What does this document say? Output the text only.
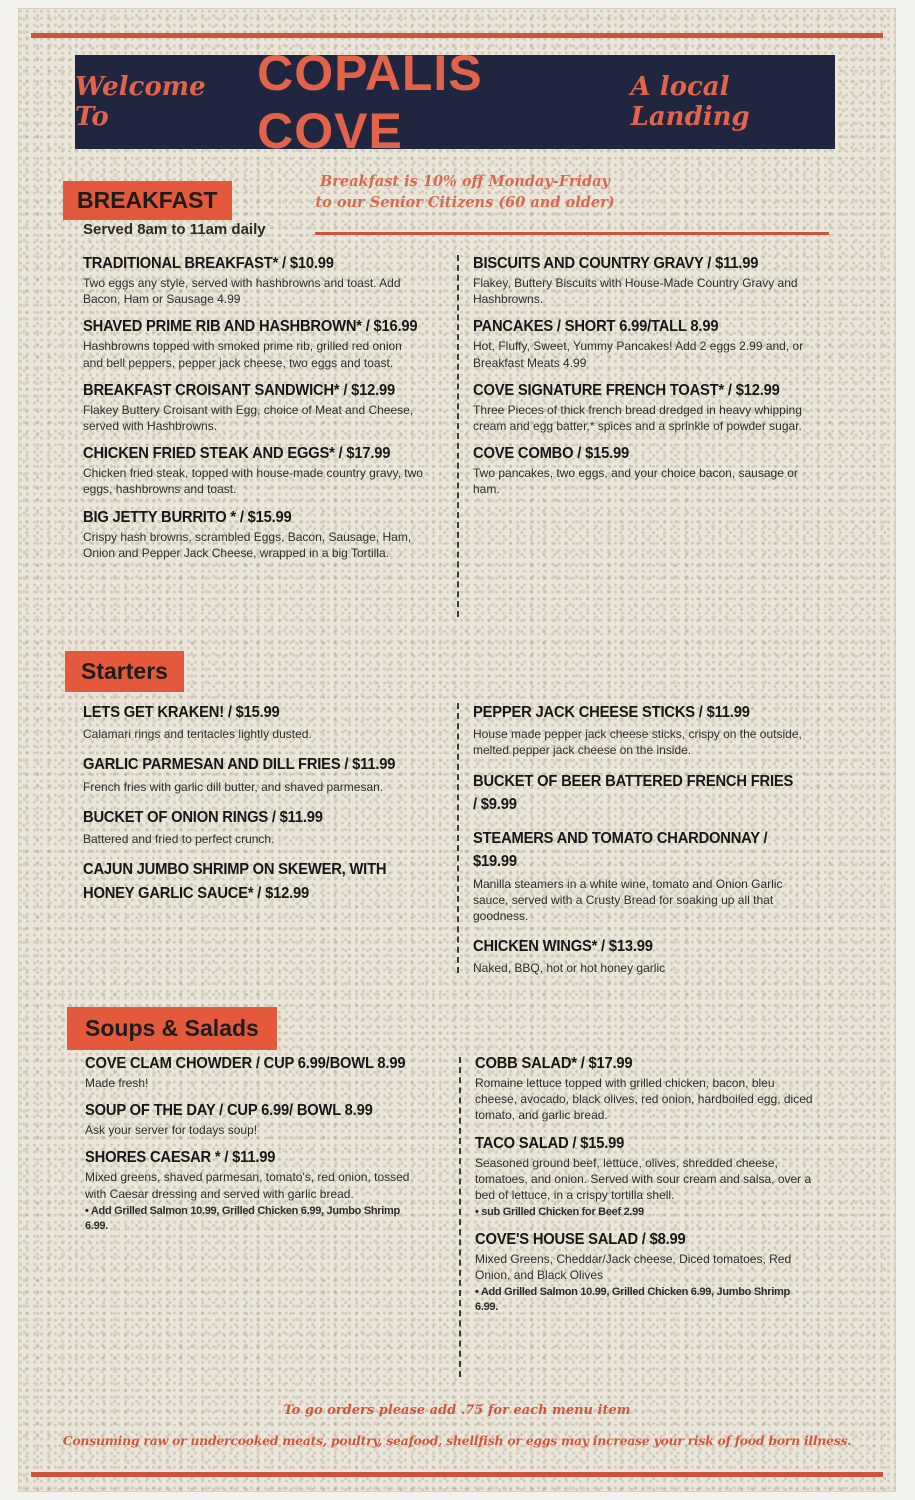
Welcome To
COPALIS COVE
A local Landing
BREAKFAST
Breakfast is 10% off Monday-Friday
to our Senior Citizens (60 and older)
Served 8am to 11am daily
TRADITIONAL BREAKFAST* / $10.99
Two eggs any style, served with hashbrowns and toast. Add Bacon, Ham or Sausage 4.99
SHAVED PRIME RIB AND HASHBROWN* / $16.99
Hashbrowns topped with smoked prime rib, grilled red onion and bell peppers, pepper jack cheese, two eggs and toast.
BREAKFAST CROISANT SANDWICH* / $12.99
Flakey Buttery Croisant with Egg, choice of Meat and Cheese, served with Hashbrowns.
CHICKEN FRIED STEAK AND EGGS* / $17.99
Chicken fried steak, topped with house-made country gravy, two eggs, hashbrowns and toast.
BIG JETTY BURRITO * / $15.99
Crispy hash browns, scrambled Eggs, Bacon, Sausage, Ham, Onion and Pepper Jack Cheese, wrapped in a big Tortilla.
BISCUITS AND COUNTRY GRAVY / $11.99
Flakey, Buttery Biscuits with House-Made Country Gravy and Hashbrowns.
PANCAKES / SHORT 6.99/TALL 8.99
Hot, Fluffy, Sweet, Yummy Pancakes! Add 2 eggs 2.99 and, or Breakfast Meats 4.99
COVE SIGNATURE FRENCH TOAST* / $12.99
Three Pieces of thick french bread dredged in heavy whipping cream and egg batter,* spices and a sprinkle of powder sugar.
COVE COMBO / $15.99
Two pancakes, two eggs, and your choice bacon, sausage or ham.
Starters
LETS GET KRAKEN! / $15.99
Calamari rings and tentacles lightly dusted.
GARLIC PARMESAN AND DILL FRIES / $11.99
French fries with garlic dill butter, and shaved parmesan.
BUCKET OF ONION RINGS / $11.99
Battered and fried to perfect crunch.
CAJUN JUMBO SHRIMP ON SKEWER, WITH HONEY GARLIC SAUCE* / $12.99
PEPPER JACK CHEESE STICKS / $11.99
House made pepper jack cheese sticks, crispy on the outside, melted pepper jack cheese on the inside.
BUCKET OF BEER BATTERED FRENCH FRIES / $9.99
STEAMERS AND TOMATO CHARDONNAY / $19.99
Manilla steamers in a white wine, tomato and Onion Garlic sauce, served with a Crusty Bread for soaking up all that goodness.
CHICKEN WINGS* / $13.99
Naked, BBQ, hot or hot honey garlic
Soups & Salads
COVE CLAM CHOWDER / CUP 6.99/BOWL 8.99
Made fresh!
SOUP OF THE DAY / CUP 6.99/ BOWL 8.99
Ask your server for todays soup!
SHORES CAESAR * / $11.99
Mixed greens, shaved parmesan, tomato's, red onion, tossed with Caesar dressing and served with garlic bread.
• Add Grilled Salmon 10.99, Grilled Chicken 6.99, Jumbo Shrimp 6.99.
COBB SALAD* / $17.99
Romaine lettuce topped with grilled chicken, bacon, bleu cheese, avocado, black olives, red onion, hardboiled egg, diced tomato, and garlic bread.
TACO SALAD / $15.99
Seasoned ground beef, lettuce, olives, shredded cheese, tomatoes, and onion. Served with sour cream and salsa, over a bed of lettuce, in a crispy tortilla shell.
• sub Grilled Chicken for Beef 2.99
COVE'S HOUSE SALAD / $8.99
Mixed Greens, Cheddar/Jack cheese, Diced tomatoes, Red Onion, and Black Olives
• Add Grilled Salmon 10.99, Grilled Chicken 6.99, Jumbo Shrimp 6.99.
To go orders please add .75 for each menu item
Consuming raw or undercooked meats, poultry, seafood, shellfish or eggs may increase your risk of food born illness.
